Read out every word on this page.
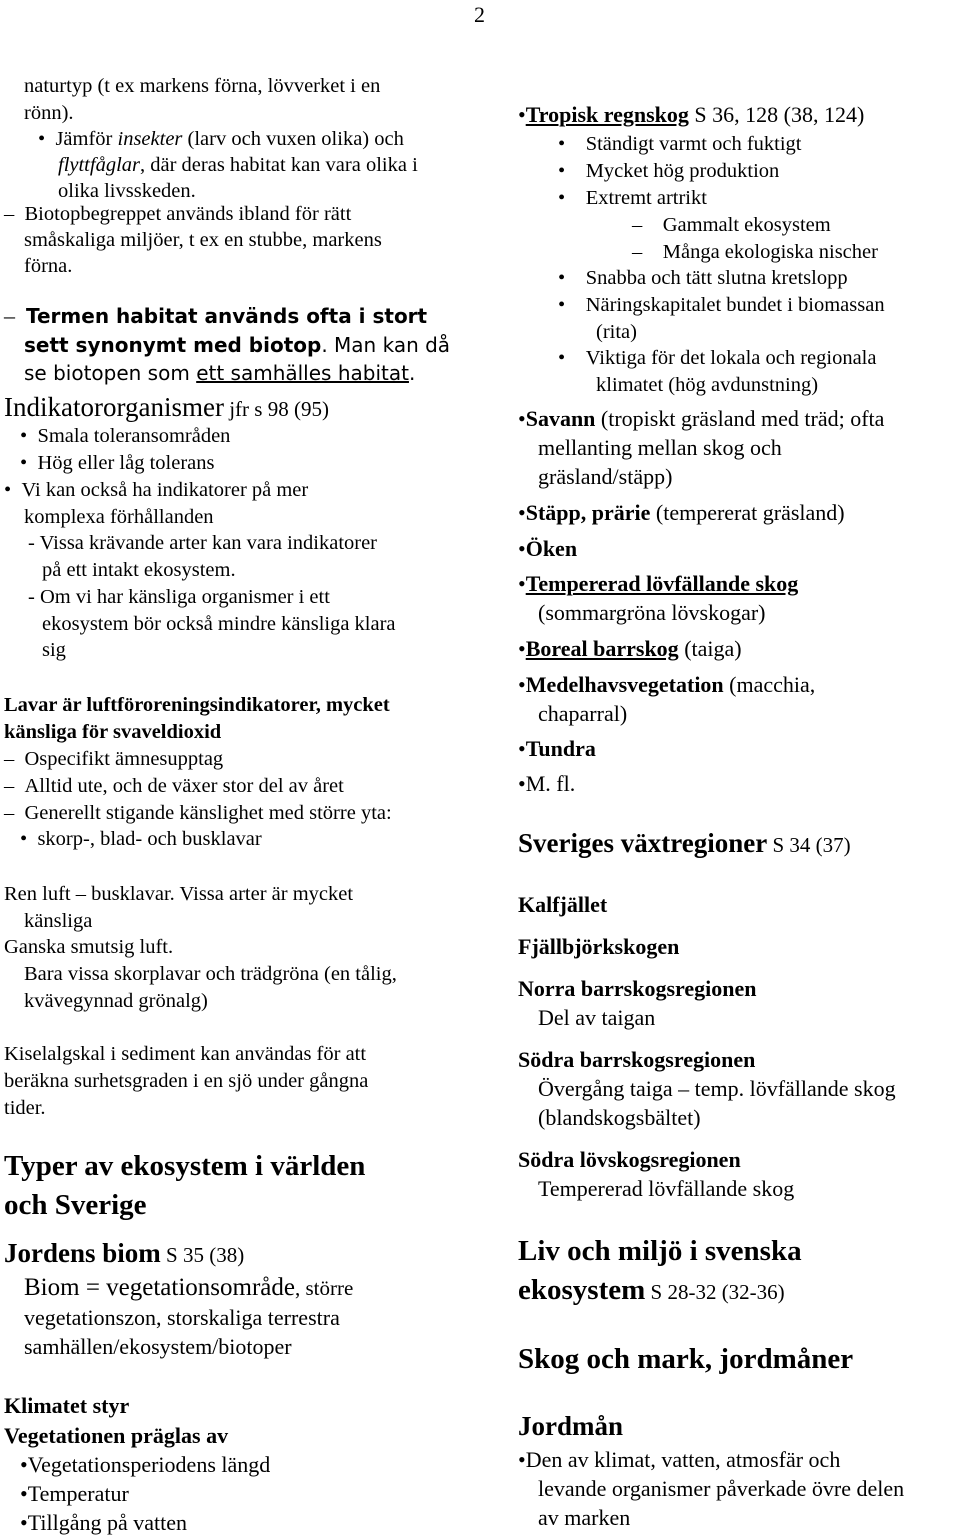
2
naturtyp (t ex markens förna, lövverket i en
rönn).
•  Jämför insekter (larv och vuxen olika) och
flyttfåglar, där deras habitat kan vara olika i
olika livsskeden.
–  Biotopbegreppet används ibland för rätt
småskaliga miljöer, t ex en stubbe, markens
förna.
–  Termen habitat används ofta i stort
sett synonymt med biotop. Man kan då
se biotopen som ett samhälles habitat.
Indikatororganismer jfr s 98 (95)
•  Smala toleransområden
•  Hög eller låg tolerans
•  Vi kan också ha indikatorer på mer
komplexa förhållanden
- Vissa krävande arter kan vara indikatorer
på ett intakt ekosystem.
- Om vi har känsliga organismer i ett
ekosystem bör också mindre känsliga klara
sig
Lavar är luftföroreningsindikatorer, mycket
känsliga för svaveldioxid
–  Ospecifikt ämnesupptag
–  Alltid ute, och de växer stor del av året
–  Generellt stigande känslighet med större yta:
•  skorp-, blad- och busklavar
Ren luft – busklavar. Vissa arter är mycket
känsliga
Ganska smutsig luft.
Bara vissa skorplavar och trädgröna (en tålig,
kvävegynnad grönalg)
Kiselalgskal i sediment kan användas för att
beräkna surhetsgraden i en sjö under gångna
tider.
Typer av ekosystem i världen
och Sverige
Jordens biom S 35 (38)
Biom = vegetationsområde, större
vegetationszon, storskaliga terrestra
samhällen/ekosystem/biotoper
Klimatet styr
Vegetationen präglas av
•Vegetationsperiodens längd
•Temperatur
•Tillgång på vatten
•Tropisk regnskog S 36, 128 (38, 124)
•    Ständigt varmt och fuktigt
•    Mycket hög produktion
•    Extremt artrikt
–    Gammalt ekosystem
–    Många ekologiska nischer
•    Snabba och tätt slutna kretslopp
•    Näringskapitalet bundet i biomassan
(rita)
•    Viktiga för det lokala och regionala
klimatet (hög avdunstning)
•Savann (tropiskt gräsland med träd; ofta
mellanting mellan skog och
gräsland/stäpp)
•Stäpp, prärie (tempererat gräsland)
•Öken
•Tempererad lövfällande skog
(sommargröna lövskogar)
•Boreal barrskog (taiga)
•Medelhavsvegetation (macchia,
chaparral)
•Tundra
•M. fl.
Sveriges växtregioner S 34 (37)
Kalfjället
Fjällbjörkskogen
Norra barrskogsregionen
Del av taigan
Södra barrskogsregionen
Övergång taiga – temp. lövfällande skog
(blandskogsbältet)
Södra lövskogsregionen
Tempererad lövfällande skog
Liv och miljö i svenska
ekosystem S 28-32 (32-36)
Skog och mark, jordmåner
Jordmån
•Den av klimat, vatten, atmosfär och
levande organismer påverkade övre delen
av marken
